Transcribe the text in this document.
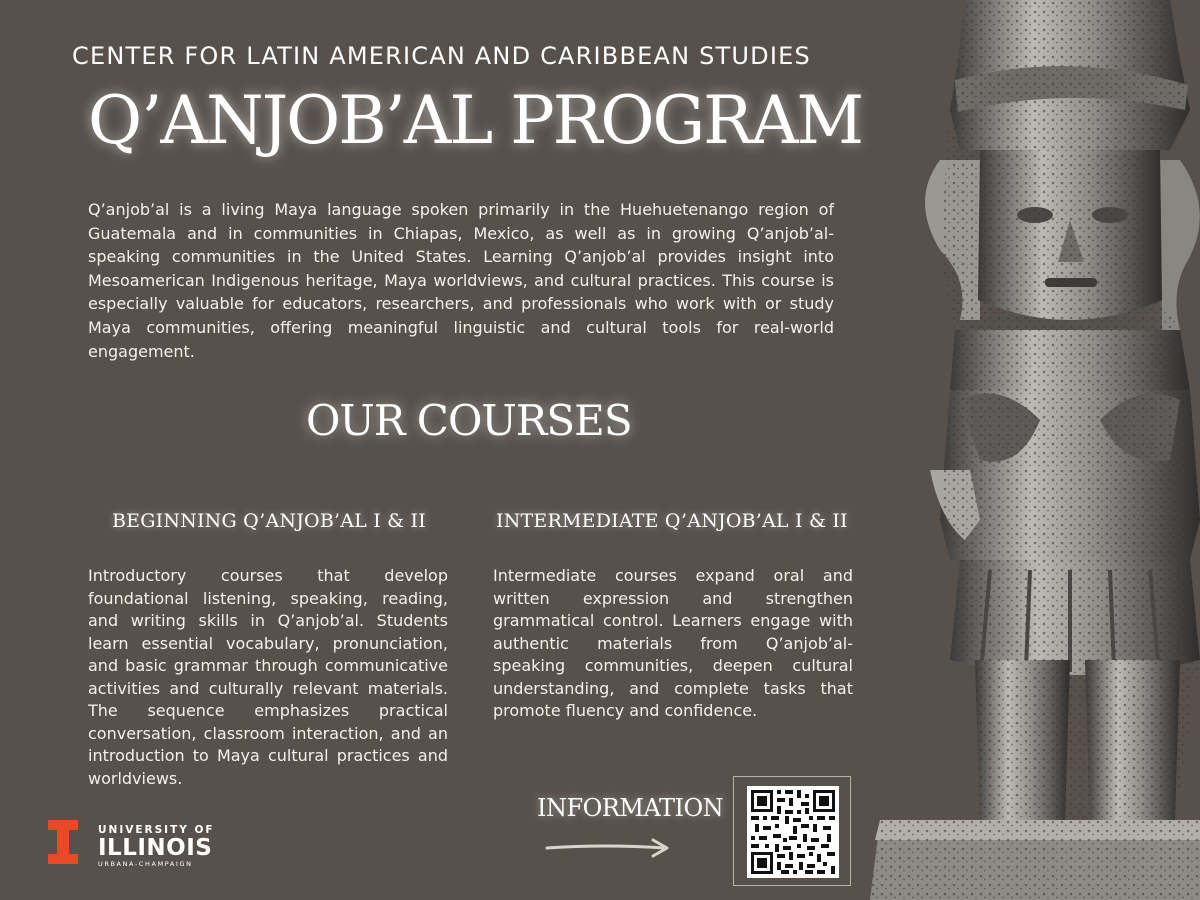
CENTER FOR LATIN AMERICAN AND CARIBBEAN STUDIES
Q’ANJOB’AL PROGRAM

Q’anjob’al is a living Maya language spoken primarily in the Huehuetenango region of Guatemala and in communities in Chiapas, Mexico, as well as in growing Q’anjob’al-speaking communities in the United States. Learning Q’anjob’al provides insight into Mesoamerican Indigenous heritage, Maya worldviews, and cultural practices. This course is especially valuable for educators, researchers, and professionals who work with or study Maya communities, offering meaningful linguistic and cultural tools for real-world engagement.

OUR COURSES
BEGINNING Q’ANJOB’AL I & II	INTERMEDIATE Q’ANJOB’AL I & II

Introductory courses that develop foundational listening, speaking, reading, and writing skills in Q’anjob’al. Students learn essential vocabulary, pronunciation, and basic grammar through communicative activities and culturally relevant materials. The sequence emphasizes practical conversation, classroom interaction, and an introduction to Maya cultural practices and worldviews.

Intermediate courses expand oral and written expression and strengthen grammatical control. Learners engage with authentic materials from Q’anjob’al-speaking communities, deepen cultural understanding, and complete tasks that promote fluency and confidence.

INFORMATION
UNIVERSITY OF
ILLINOIS
URBANA-CHAMPAIGN
